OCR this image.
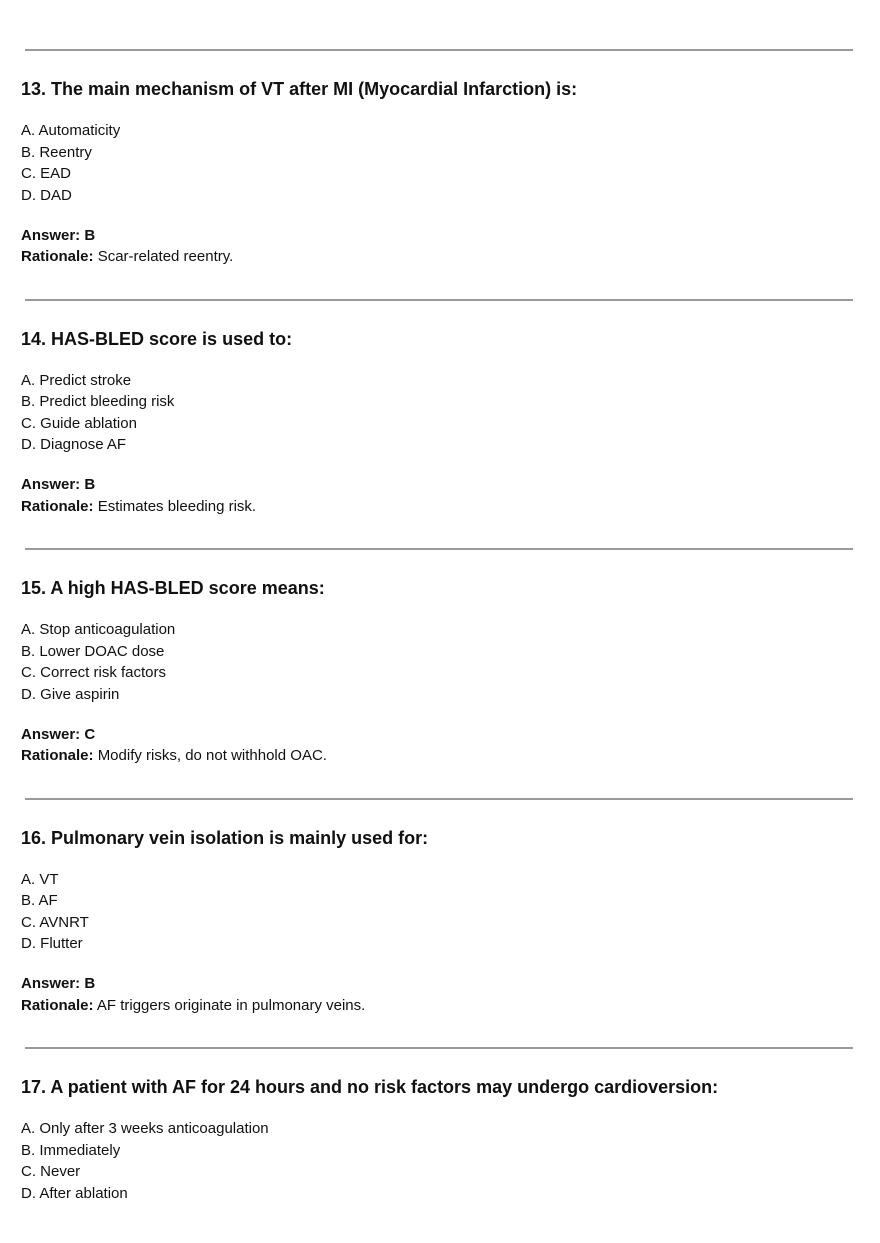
13. The main mechanism of VT after MI (Myocardial Infarction) is:
A. Automaticity
B. Reentry
C. EAD
D. DAD
Answer: B
Rationale: Scar-related reentry.
14. HAS-BLED score is used to:
A. Predict stroke
B. Predict bleeding risk
C. Guide ablation
D. Diagnose AF
Answer: B
Rationale: Estimates bleeding risk.
15. A high HAS-BLED score means:
A. Stop anticoagulation
B. Lower DOAC dose
C. Correct risk factors
D. Give aspirin
Answer: C
Rationale: Modify risks, do not withhold OAC.
16. Pulmonary vein isolation is mainly used for:
A. VT
B. AF
C. AVNRT
D. Flutter
Answer: B
Rationale: AF triggers originate in pulmonary veins.
17. A patient with AF for 24 hours and no risk factors may undergo cardioversion:
A. Only after 3 weeks anticoagulation
B. Immediately
C. Never
D. After ablation
